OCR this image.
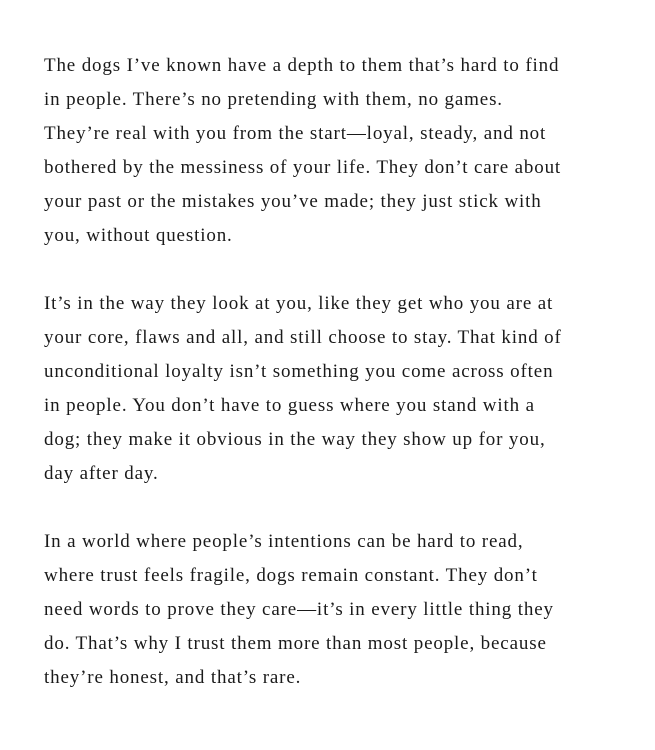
The dogs I’ve known have a depth to them that’s hard to find
in people. There’s no pretending with them, no games.
They’re real with you from the start—loyal, steady, and not
bothered by the messiness of your life. They don’t care about
your past or the mistakes you’ve made; they just stick with
you, without question.

It’s in the way they look at you, like they get who you are at
your core, flaws and all, and still choose to stay. That kind of
unconditional loyalty isn’t something you come across often
in people. You don’t have to guess where you stand with a
dog; they make it obvious in the way they show up for you,
day after day.

In a world where people’s intentions can be hard to read,
where trust feels fragile, dogs remain constant. They don’t
need words to prove they care—it’s in every little thing they
do. That’s why I trust them more than most people, because
they’re honest, and that’s rare.
